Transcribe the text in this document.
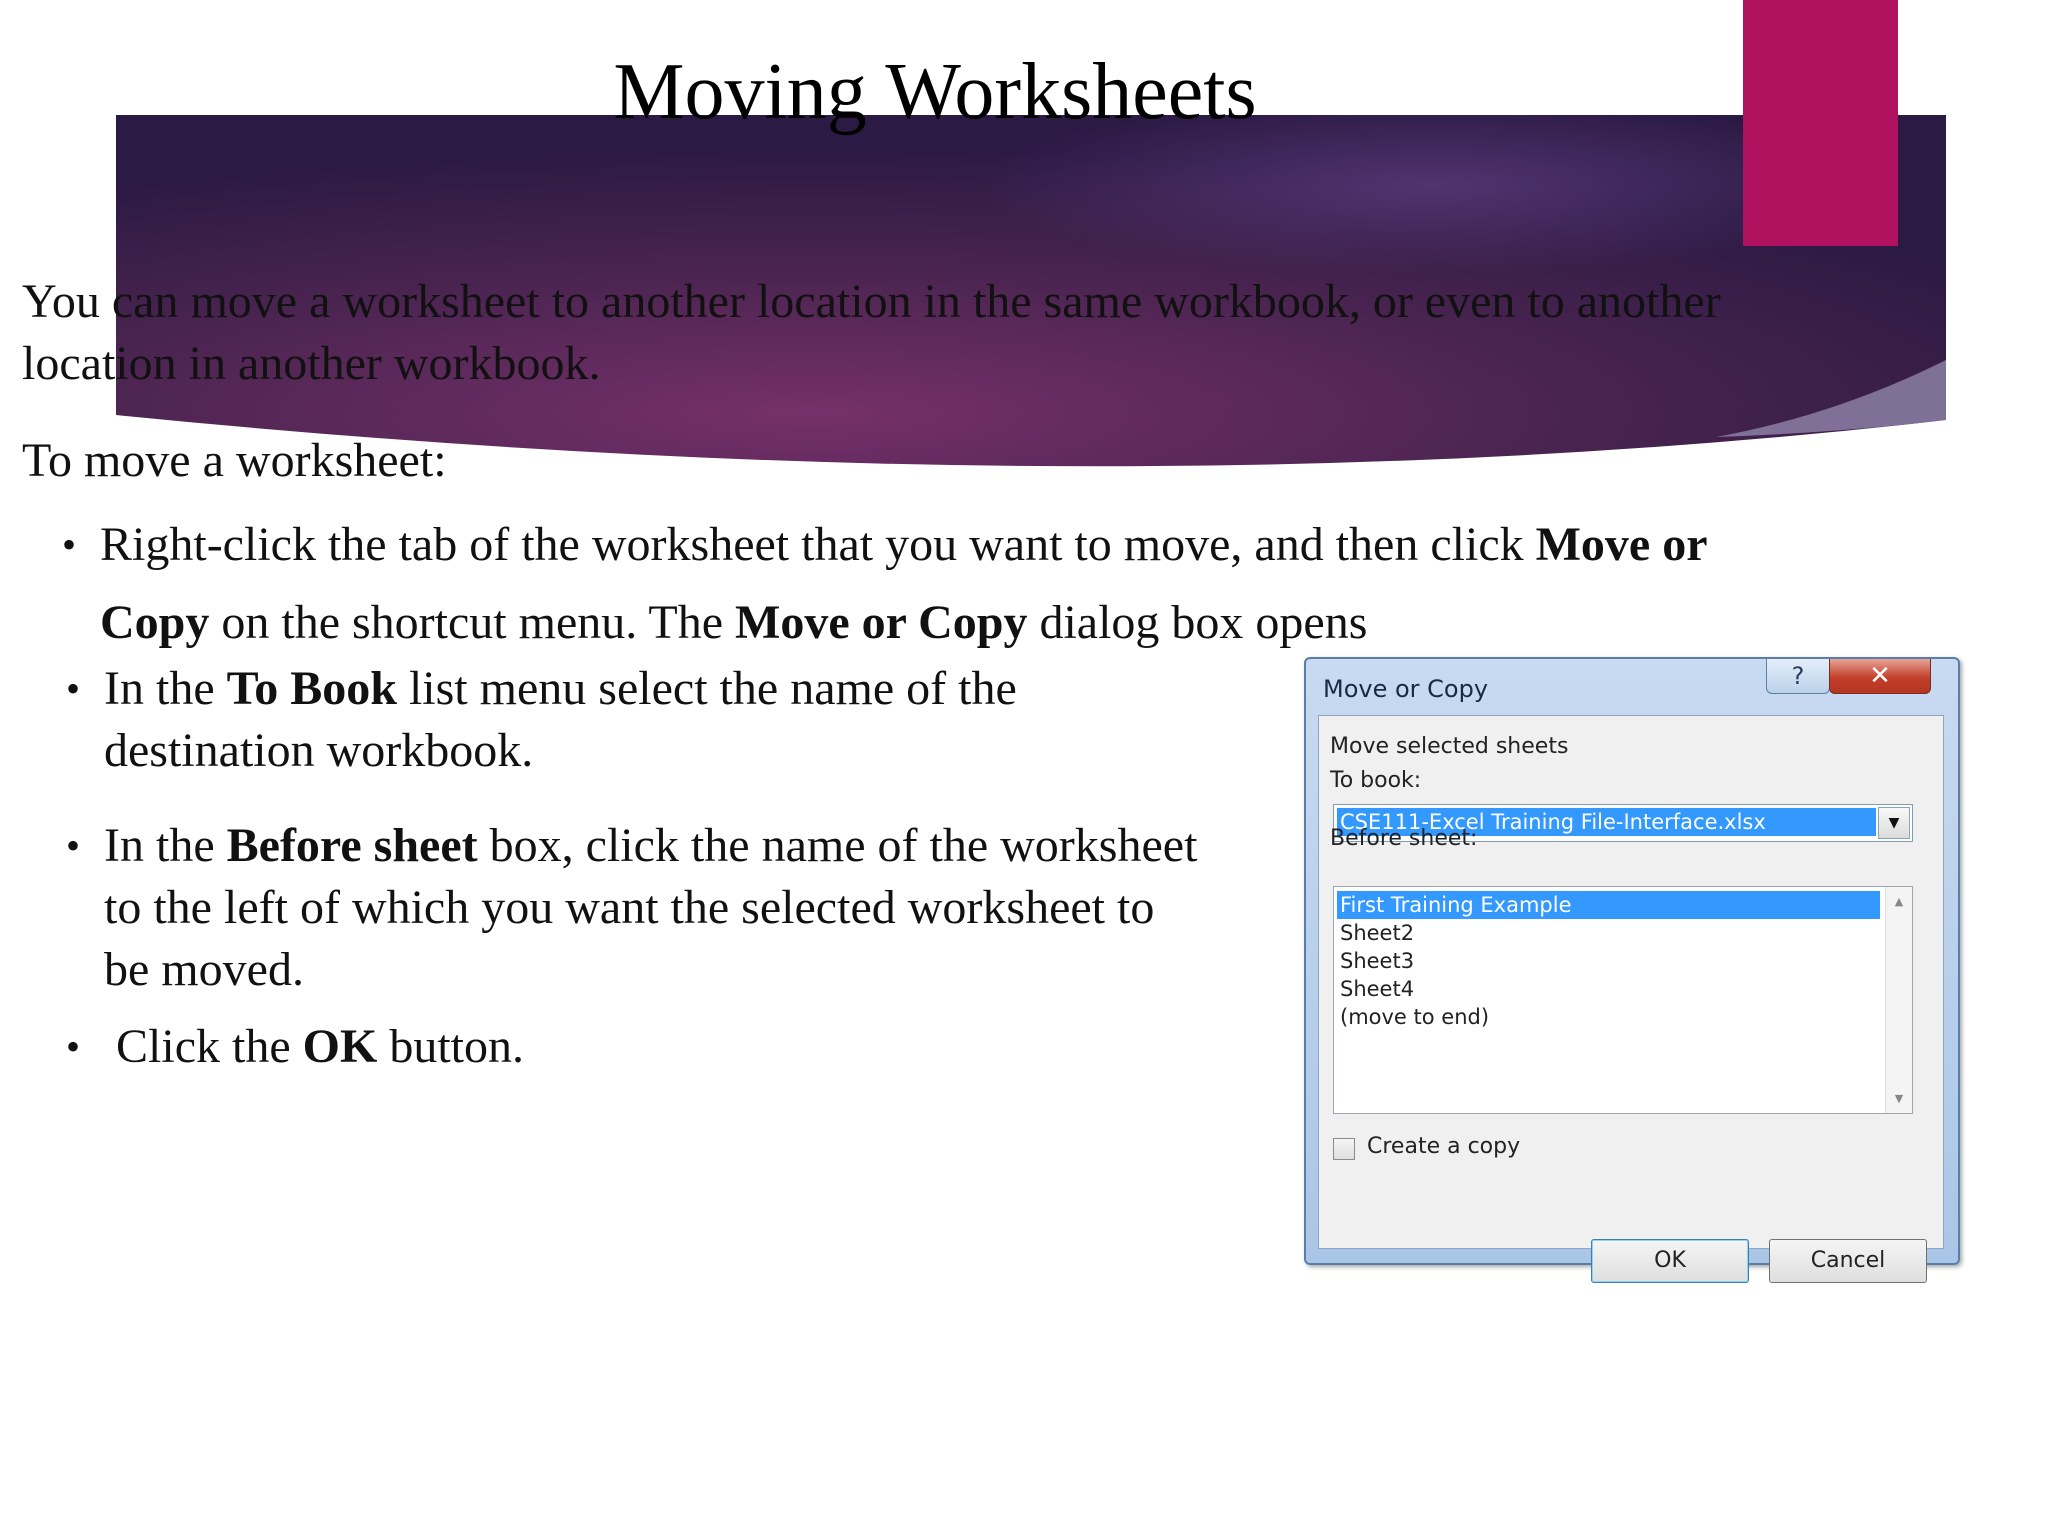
Moving Worksheets
You can move a worksheet to another location in the same workbook, or even to another
location in another workbook.
To move a worksheet:
• Right-click the tab of the worksheet that you want to move, and then click Move or
Copy on the shortcut menu. The Move or Copy dialog box opens
• In the To Book list menu select the name of the
destination workbook.
• In the Before sheet box, click the name of the worksheet
to the left of which you want the selected worksheet to
be moved.
• Click the OK button.
Move or Copy	?	✕
Move selected sheets
To book:
CSE111-Excel Training File-Interface.xlsx	▼
Before sheet:
First Training Example
Sheet2
Sheet3
Sheet4
(move to end)
▲
▼
Create a copy
OK	Cancel
